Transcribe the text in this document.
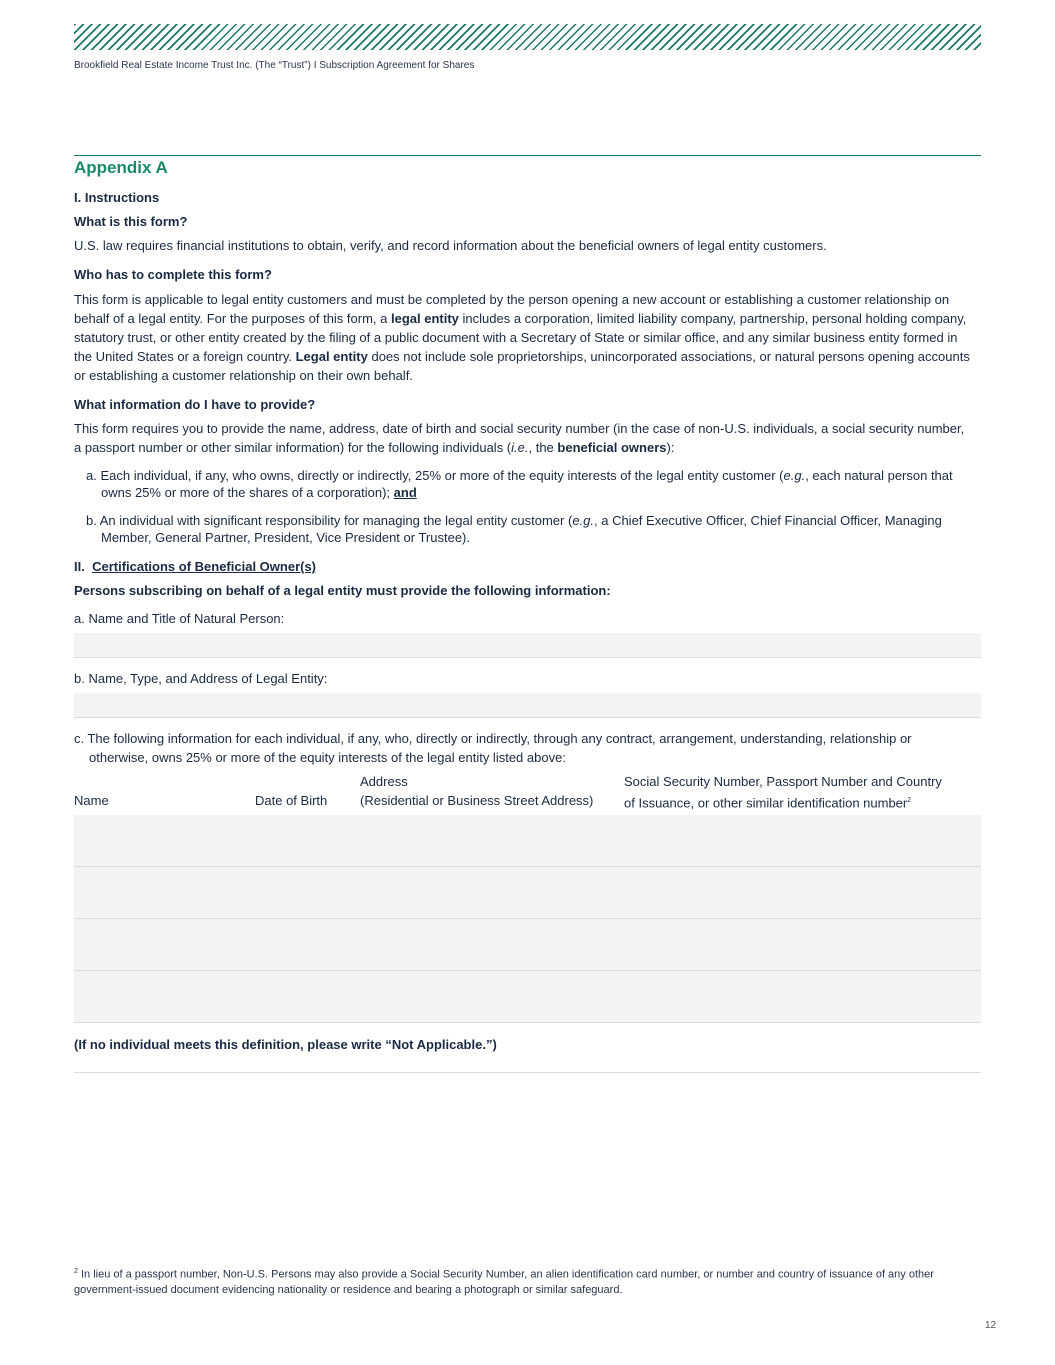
Brookfield Real Estate Income Trust Inc. (The “Trust”) I Subscription Agreement for Shares
Appendix A
I. Instructions
What is this form?
U.S. law requires financial institutions to obtain, verify, and record information about the beneficial owners of legal entity customers.
Who has to complete this form?
This form is applicable to legal entity customers and must be completed by the person opening a new account or establishing a customer relationship on behalf of a legal entity. For the purposes of this form, a legal entity includes a corporation, limited liability company, partnership, personal holding company, statutory trust, or other entity created by the filing of a public document with a Secretary of State or similar office, and any similar business entity formed in the United States or a foreign country. Legal entity does not include sole proprietorships, unincorporated associations, or natural persons opening accounts or establishing a customer relationship on their own behalf.
What information do I have to provide?
This form requires you to provide the name, address, date of birth and social security number (in the case of non-U.S. individuals, a social security number, a passport number or other similar information) for the following individuals (i.e., the beneficial owners):
a. Each individual, if any, who owns, directly or indirectly, 25% or more of the equity interests of the legal entity customer (e.g., each natural person that owns 25% or more of the shares of a corporation); and
b. An individual with significant responsibility for managing the legal entity customer (e.g., a Chief Executive Officer, Chief Financial Officer, Managing Member, General Partner, President, Vice President or Trustee).
II. Certifications of Beneficial Owner(s)
Persons subscribing on behalf of a legal entity must provide the following information:
a. Name and Title of Natural Person:
b. Name, Type, and Address of Legal Entity:
c. The following information for each individual, if any, who, directly or indirectly, through any contract, arrangement, understanding, relationship or otherwise, owns 25% or more of the equity interests of the legal entity listed above:
Name	Date of Birth
Address
(Residential or Business Street Address)
Social Security Number, Passport Number and Country
of Issuance, or other similar identification number$^2$
(If no individual meets this definition, please write “Not Applicable.”)
$^2$ In lieu of a passport number, Non-U.S. Persons may also provide a Social Security Number, an alien identification card number, or number and country of issuance of any other government-issued document evidencing nationality or residence and bearing a photograph or similar safeguard.
12
